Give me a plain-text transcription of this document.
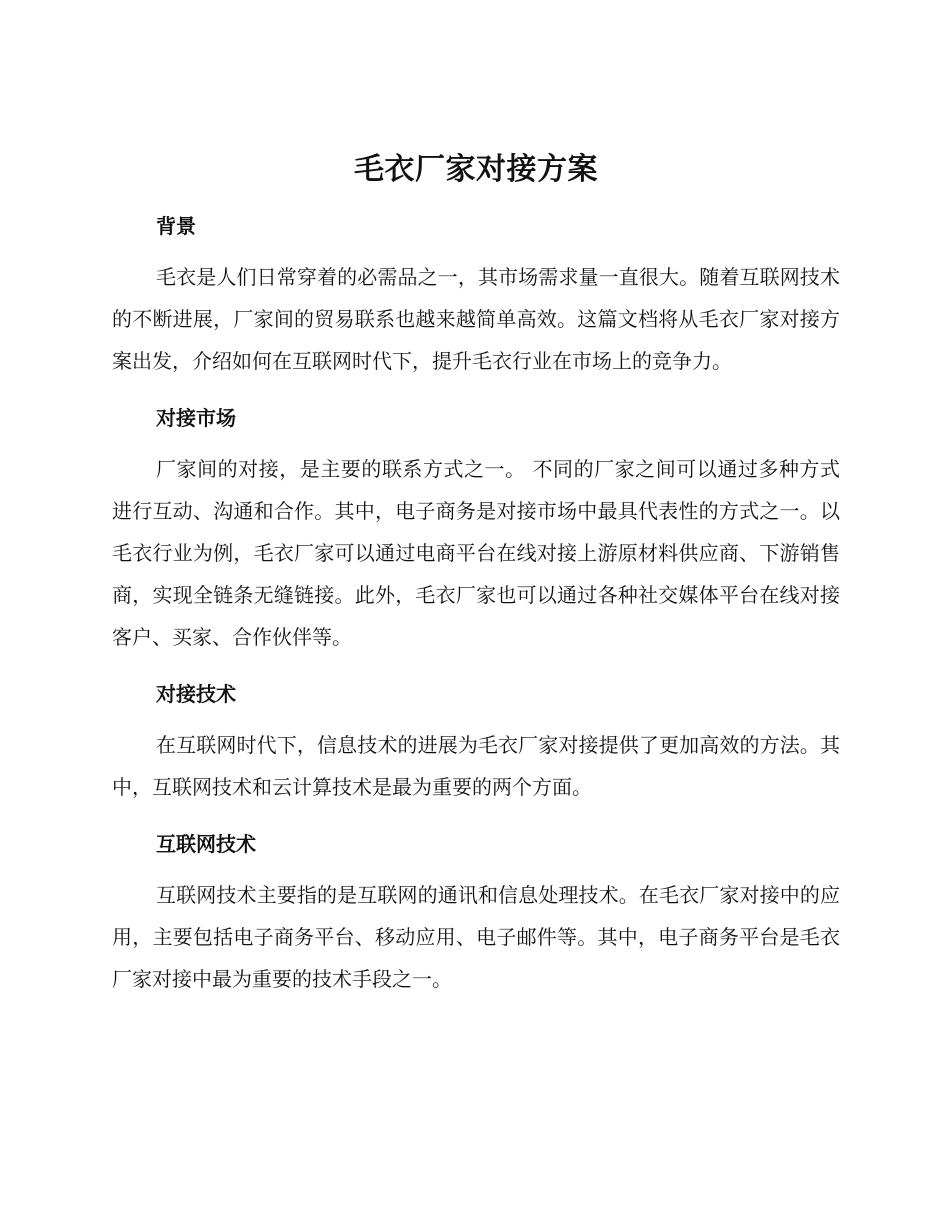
毛衣厂家对接方案
背景

毛衣是人们日常穿着的必需品之一，其市场需求量一直很大。随着互联网技术的不断进展，厂家间的贸易联系也越来越简单高效。这篇文档将从毛衣厂家对接方案出发，介绍如何在互联网时代下，提升毛衣行业在市场上的竞争力。

对接市场

厂家间的对接，是主要的联系方式之一。 不同的厂家之间可以通过多种方式进行互动、沟通和合作。其中，电子商务是对接市场中最具代表性的方式之一。以毛衣行业为例，毛衣厂家可以通过电商平台在线对接上游原材料供应商、下游销售商，实现全链条无缝链接。此外，毛衣厂家也可以通过各种社交媒体平台在线对接客户、买家、合作伙伴等。

对接技术

在互联网时代下，信息技术的进展为毛衣厂家对接提供了更加高效的方法。其中，互联网技术和云计算技术是最为重要的两个方面。

互联网技术

互联网技术主要指的是互联网的通讯和信息处理技术。在毛衣厂家对接中的应用，主要包括电子商务平台、移动应用、电子邮件等。其中，电子商务平台是毛衣厂家对接中最为重要的技术手段之一。
